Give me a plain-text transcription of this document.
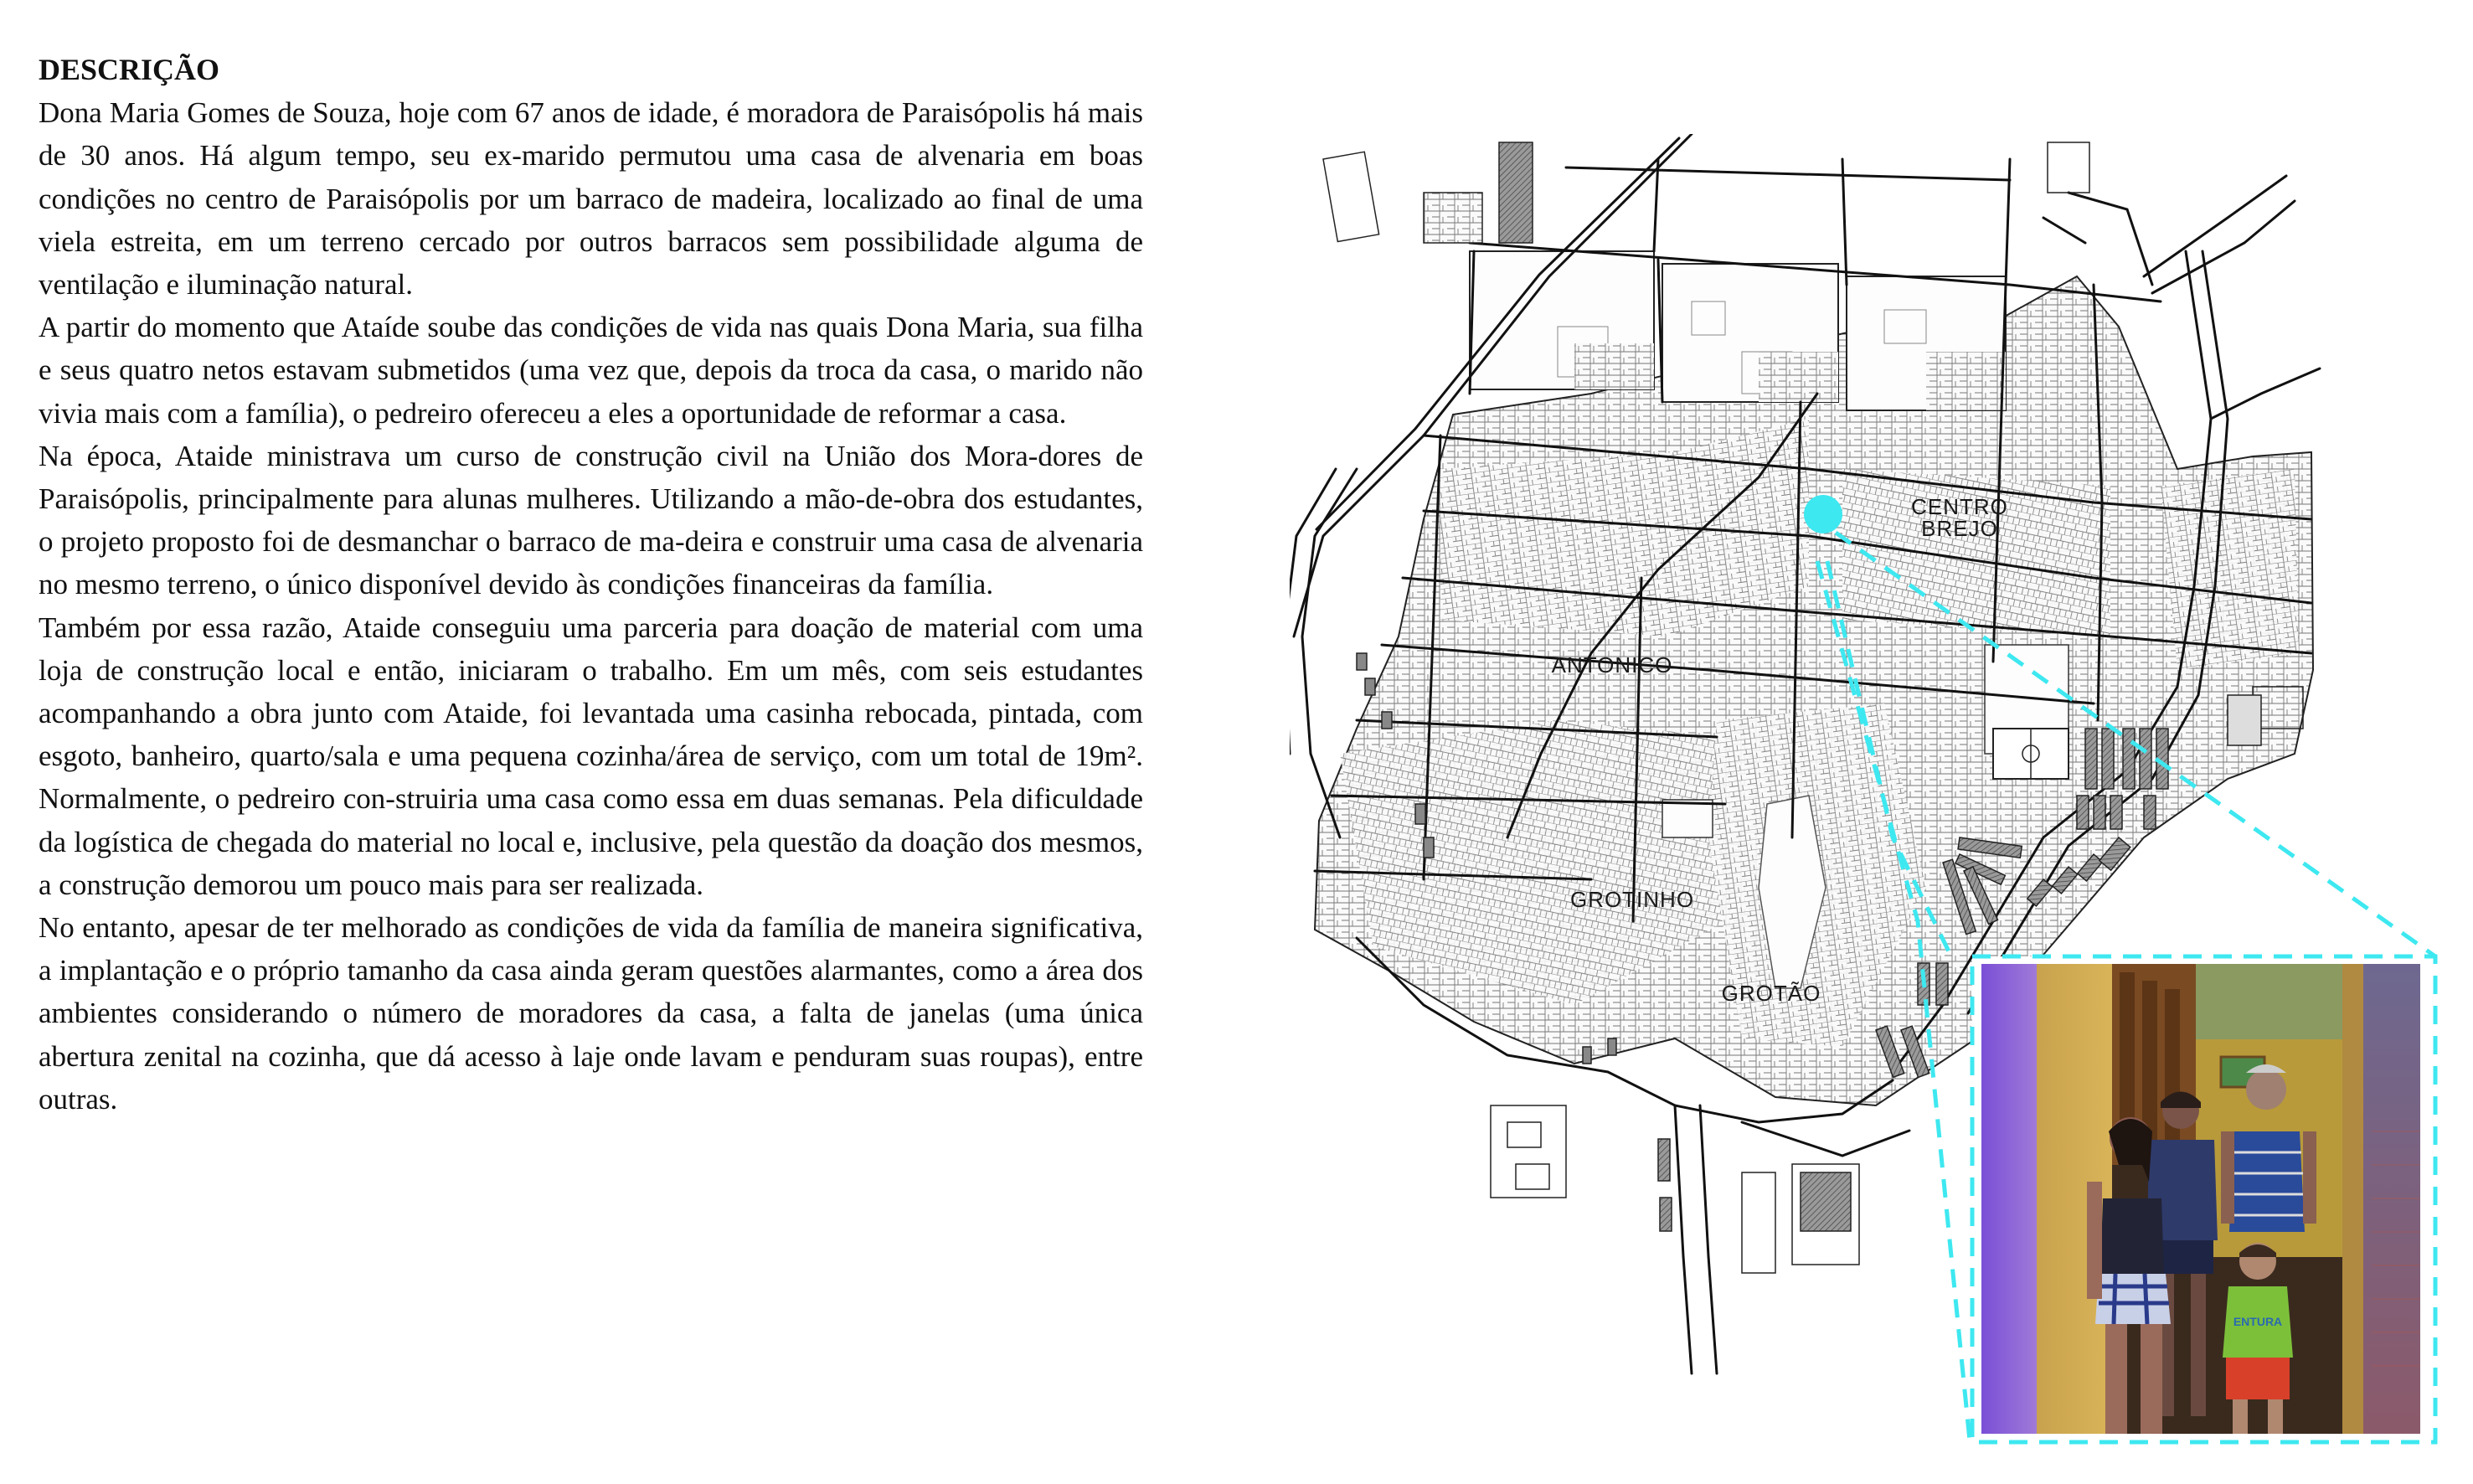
DESCRIÇÃO

Dona Maria Gomes de Souza, hoje com 67 anos de idade, é moradora de Paraisópolis há mais de 30 anos. Há algum tempo, seu ex-marido permutou uma casa de alvenaria em boas condições no centro de Paraisópolis por um barraco de madeira, localizado ao final de uma viela estreita, em um terreno cercado por outros barracos sem possibilidade alguma de ventilação e iluminação natural.

A partir do momento que Ataíde soube das condições de vida nas quais Dona Maria, sua filha e seus quatro netos estavam submetidos (uma vez que, depois da troca da casa, o marido não vivia mais com a família), o pedreiro ofereceu a eles a oportunidade de reformar a casa.

Na época, Ataide ministrava um curso de construção civil na União dos Mora-dores de Paraisópolis, principalmente para alunas mulheres. Utilizando a mão-de-obra dos estudantes, o projeto proposto foi de desmanchar o barraco de ma-deira e construir uma casa de alvenaria no mesmo terreno, o único disponível devido às condições financeiras da família.

Também por essa razão, Ataide conseguiu uma parceria para doação de material com uma loja de construção local e então, iniciaram o trabalho. Em um mês, com seis estudantes acompanhando a obra junto com Ataide, foi levantada uma casinha rebocada, pintada, com esgoto, banheiro, quarto/sala e uma pequena cozinha/área de serviço, com um total de 19m². Normalmente, o pedreiro con-struiria uma casa como essa em duas semanas. Pela dificuldade da logística de chegada do material no local e, inclusive, pela questão da doação dos mesmos, a construção demorou um pouco mais para ser realizada.

No entanto, apesar de ter melhorado as condições de vida da família de maneira significativa, a implantação e o próprio tamanho da casa ainda geram questões alarmantes, como a área dos ambientes considerando o número de moradores da casa, a falta de janelas (uma única abertura zenital na cozinha, que dá acesso à laje onde lavam e penduram suas roupas), entre outras.

CENTRO
BREJO
ANTONICO
GROTINHO
GROTÃO
ENTURA
